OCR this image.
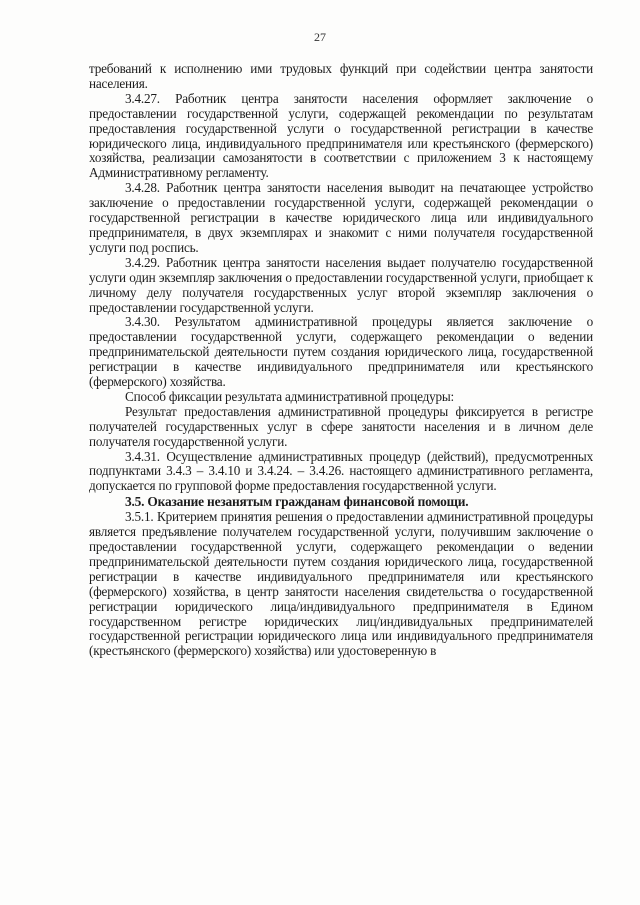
27

требований к исполнению ими трудовых функций при содействии центра занятости населения.

3.4.27. Работник центра занятости населения оформляет заключение о предоставлении государственной услуги, содержащей рекомендации по результатам предоставления государственной услуги о государственной регистрации в качестве юридического лица, индивидуального предпринимателя или крестьянского (фермерского) хозяйства, реализации самозанятости в соответствии с приложением 3 к настоящему Административному регламенту.

3.4.28. Работник центра занятости населения выводит на печатающее устройство заключение о предоставлении государственной услуги, содержащей рекомендации о государственной регистрации в качестве юридического лица или индивидуального предпринимателя, в двух экземплярах и знакомит с ними получателя государственной услуги под роспись.

3.4.29. Работник центра занятости населения выдает получателю государственной услуги один экземпляр заключения о предоставлении государственной услуги, приобщает к личному делу получателя государственных услуг второй экземпляр заключения о предоставлении государственной услуги.

3.4.30. Результатом административной процедуры является заключение о предоставлении государственной услуги, содержащего рекомендации о ведении предпринимательской деятельности путем создания юридического лица, государственной регистрации в качестве индивидуального предпринимателя или крестьянского (фермерского) хозяйства.

Способ фиксации результата административной процедуры:

Результат предоставления административной процедуры фиксируется в регистре получателей государственных услуг в сфере занятости населения и в личном деле получателя государственной услуги.

3.4.31. Осуществление административных процедур (действий), предусмотренных подпунктами 3.4.3 – 3.4.10 и 3.4.24. – 3.4.26. настоящего административного регламента, допускается по групповой форме предоставления государственной услуги.

3.5. Оказание незанятым гражданам финансовой помощи.

3.5.1. Критерием принятия решения о предоставлении административной процедуры является предъявление получателем государственной услуги, получившим заключение о предоставлении государственной услуги, содержащего рекомендации о ведении предпринимательской деятельности путем создания юридического лица, государственной регистрации в качестве индивидуального предпринимателя или крестьянского (фермерского) хозяйства, в центр занятости населения свидетельства о государственной регистрации юридического лица/индивидуального предпринимателя в Едином государственном регистре юридических лиц/индивидуальных предпринимателей государственной регистрации юридического лица или индивидуального предпринимателя (крестьянского (фермерского) хозяйства) или удостоверенную в
